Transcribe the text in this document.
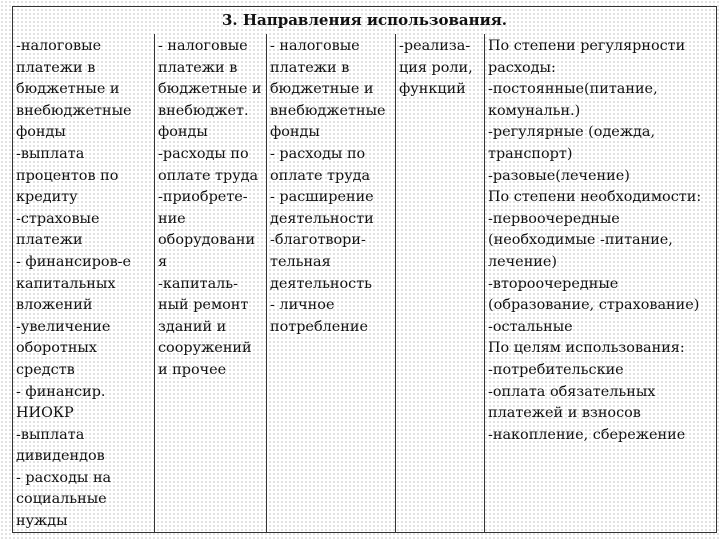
3. Направления использования.
-налоговые
платежи в
бюджетные и
внебюджетные
фонды
-выплата
процентов по
кредиту
-страховые
платежи
- финансиров-е
капитальных
вложений
-увеличение
оборотных
средств
- финансир.
НИОКР
-выплата
дивидендов
- расходы на
социальные
нужды
- налоговые
платежи в
бюджетные и
внебюджет.
фонды
-расходы по
оплате труда
-приобрете-
ние
оборудовани
я
-капиталь-
ный ремонт
зданий и
сооружений
и прочее
- налоговые
платежи в
бюджетные и
внебюджетные
фонды
- расходы по
оплате труда
- расширение
деятельности
-благотвори-
тельная
деятельность
- личное
потребление
-реализа-
ция роли,
функций
По степени регулярности
расходы:
-постоянные(питание,
комунальн.)
-регулярные (одежда,
транспорт)
-разовые(лечение)
По степени необходимости:
-первоочередные
(необходимые -питание,
лечение)
-второочередные
(образование, страхование)
-остальные
По целям использования:
-потребительские
-оплата обязательных
платежей и взносов
-накопление, сбережение
